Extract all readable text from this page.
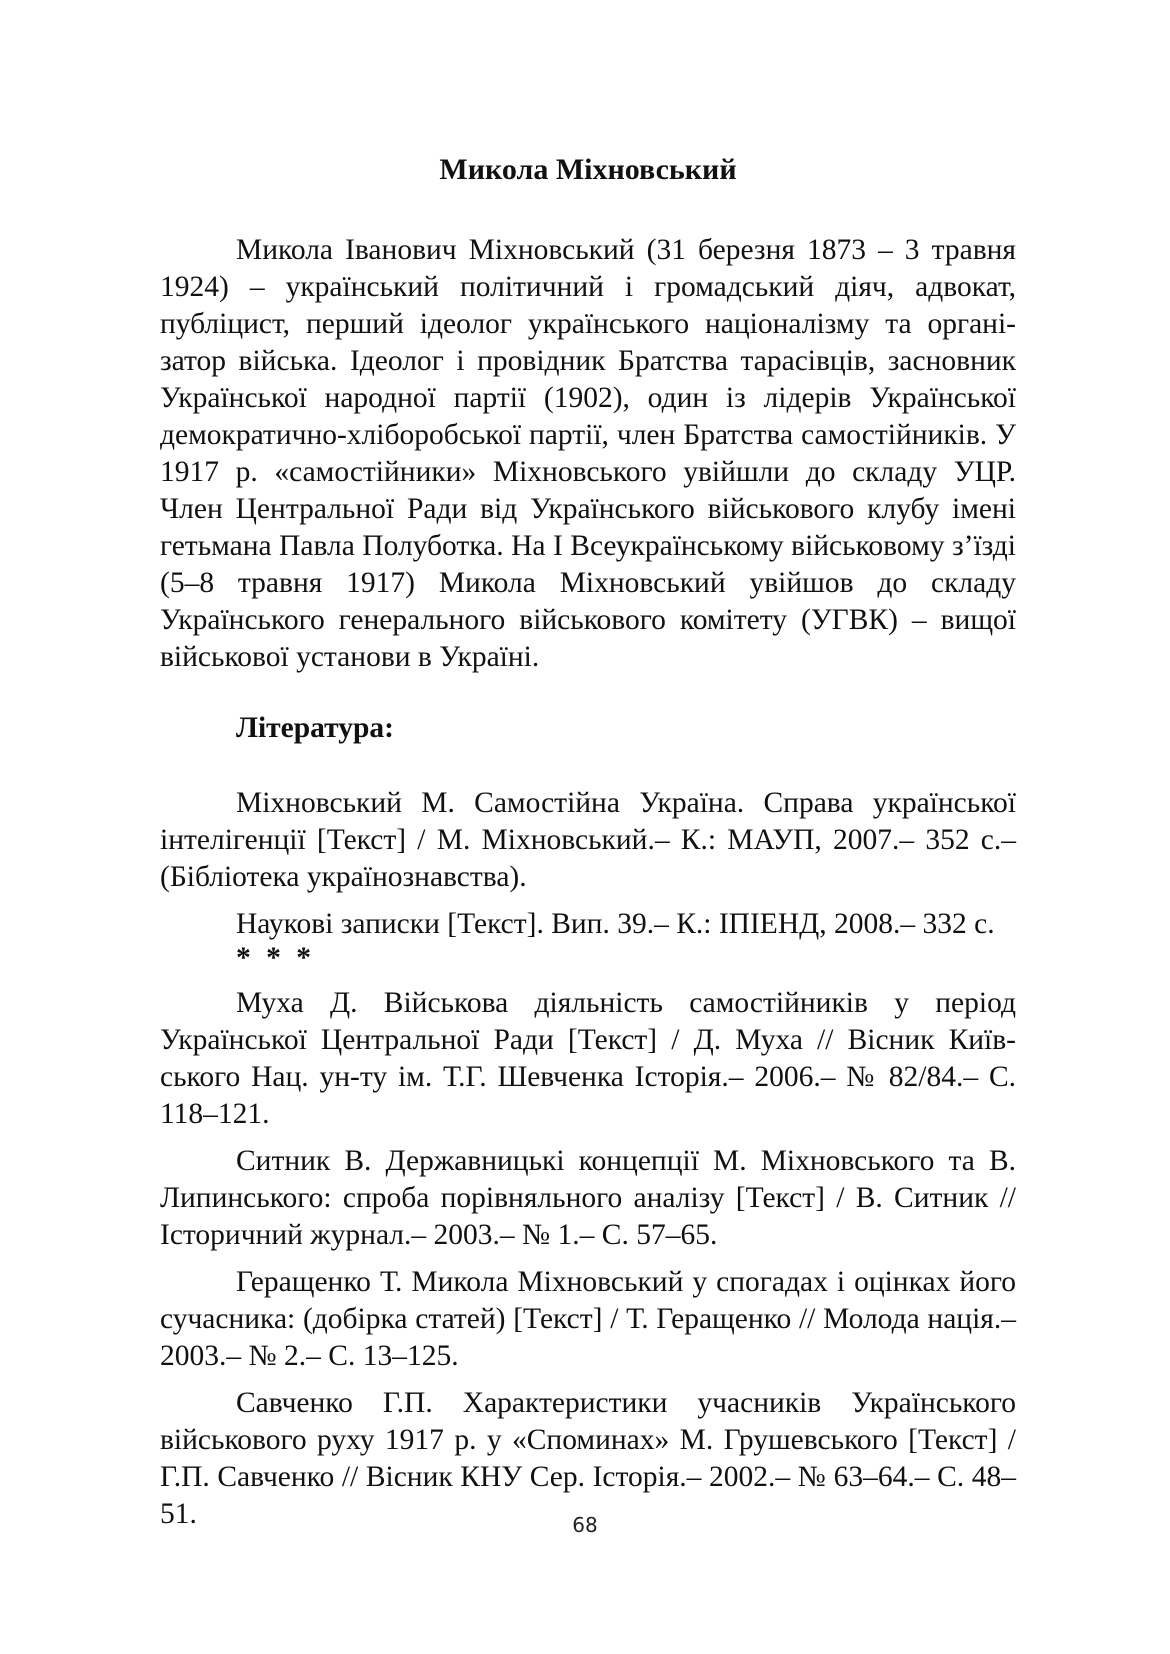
Микола Міхновський

Микола Іванович Міхновський (31 березня 1873 – 3 травня 1924) – український політичний і громадський діяч, адвокат, публіцист, перший ідеолог українського націоналізму та організатор війська. Ідеолог і провідник Братства тарасівців, засновник Української народної партії (1902), один із лідерів Української демократично-хліборобської партії, член Братства самостійників. У 1917 р. «самостійники» Міхновського увійшли до складу УЦР. Член Центральної Ради від Українського військового клубу імені гетьмана Павла Полуботка. На І Всеукраїнському військовому з’їзді (5–8 травня 1917) Микола Міхновський увійшов до складу Українського генерального військового комітету (УГВК) – вищої військової установи в Україні.

Література:

Міхновський М. Самостійна Україна. Справа української інтелігенції [Текст] / М. Міхновський.– К.: МАУП, 2007.– 352 с.– (Бібліотека українознавства).

Наукові записки [Текст]. Вип. 39.– К.: ІПІЕНД, 2008.– 332 с.

* * *

Муха Д. Військова діяльність самостійників у період Української Центральної Ради [Текст] / Д. Муха // Вісник Київського Нац. ун-ту ім. Т.Г. Шевченка Історія.– 2006.– № 82/84.– С. 118–121.

Ситник В. Державницькі концепції М. Міхновського та В. Липинського: спроба порівняльного аналізу [Текст] / В. Ситник // Історичний журнал.– 2003.– № 1.– С. 57–65.

Геращенко Т. Микола Міхновський у спогадах і оцінках його сучасника: (добірка статей) [Текст] / Т. Геращенко // Молода нація.– 2003.– № 2.– С. 13–125.

Савченко Г.П. Характеристики учасників Українського військового руху 1917 р. у «Споминах» М. Грушевського [Текст] / Г.П. Савченко // Вісник КНУ Сер. Історія.– 2002.– № 63–64.– С. 48–51.	68
